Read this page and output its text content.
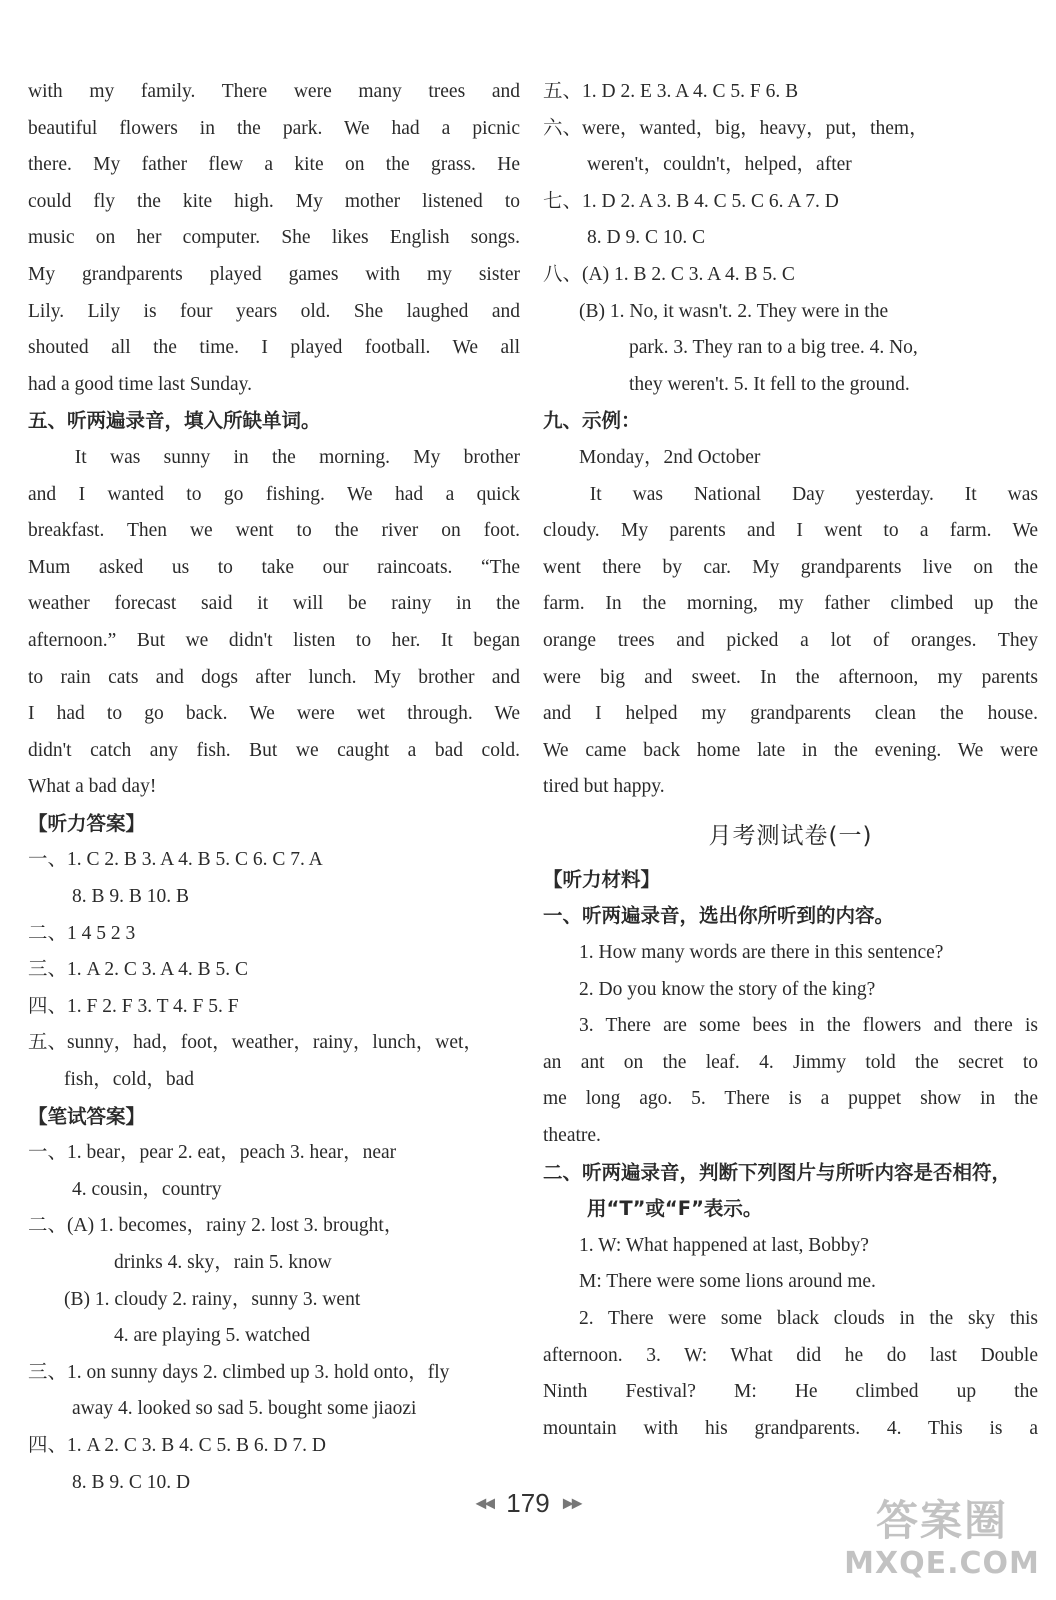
with my family. There were many trees and
beautiful flowers in the park. We had a picnic
there. My father flew a kite on the grass. He
could fly the kite high. My mother listened to
music on her computer. She likes English songs.
My grandparents played games with my sister
Lily. Lily is four years old. She laughed and
shouted all the time. I played football. We all
had a good time last Sunday.
五、听两遍录音，填入所缺单词。
It was sunny in the morning. My brother
and I wanted to go fishing. We had a quick
breakfast. Then we went to the river on foot.
Mum asked us to take our raincoats. “The
weather forecast said it will be rainy in the
afternoon.” But we didn't listen to her. It began
to rain cats and dogs after lunch. My brother and
I had to go back. We were wet through. We
didn't catch any fish. But we caught a bad cold.
What a bad day!
【听力答案】
一、1. C 2. B 3. A 4. B 5. C 6. C 7. A
8. B 9. B 10. B
二、1 4 5 2 3
三、1. A 2. C 3. A 4. B 5. C
四、1. F 2. F 3. T 4. F 5. F
五、sunny，had，foot，weather，rainy，lunch，wet，
fish，cold，bad
【笔试答案】
一、1. bear，pear 2. eat，peach 3. hear，near
4. cousin，country
二、(A) 1. becomes，rainy 2. lost 3. brought，
drinks 4. sky，rain 5. know
(B) 1. cloudy 2. rainy，sunny 3. went
4. are playing 5. watched
三、1. on sunny days 2. climbed up 3. hold onto，fly
away 4. looked so sad 5. bought some jiaozi
四、1. A 2. C 3. B 4. C 5. B 6. D 7. D
8. B 9. C 10. D
五、1. D 2. E 3. A 4. C 5. F 6. B
六、were，wanted，big，heavy，put，them，
weren't，couldn't，helped，after
七、1. D 2. A 3. B 4. C 5. C 6. A 7. D
8. D 9. C 10. C
八、(A) 1. B 2. C 3. A 4. B 5. C
(B) 1. No, it wasn't. 2. They were in the
park. 3. They ran to a big tree. 4. No,
they weren't. 5. It fell to the ground.
九、示例：
Monday，2nd October
It was National Day yesterday. It was
cloudy. My parents and I went to a farm. We
went there by car. My grandparents live on the
farm. In the morning, my father climbed up the
orange trees and picked a lot of oranges. They
were big and sweet. In the afternoon, my parents
and I helped my grandparents clean the house.
We came back home late in the evening. We were
tired but happy.
月考测试卷(一)
【听力材料】
一、听两遍录音，选出你所听到的内容。
1. How many words are there in this sentence?
2. Do you know the story of the king?
3. There are some bees in the flowers and there is
an ant on the leaf. 4. Jimmy told the secret to
me long ago. 5. There is a puppet show in the
theatre.
二、听两遍录音，判断下列图片与所听内容是否相符，
用“T”或“F”表示。
1. W: What happened at last, Bobby?
M: There were some lions around me.
2. There were some black clouds in the sky this
afternoon. 3. W: What did he do last Double
Ninth Festival? M: He climbed up the
mountain with his grandparents. 4. This is a
◀◀ 179 ▶▶	答案圈
MXQE.COM
